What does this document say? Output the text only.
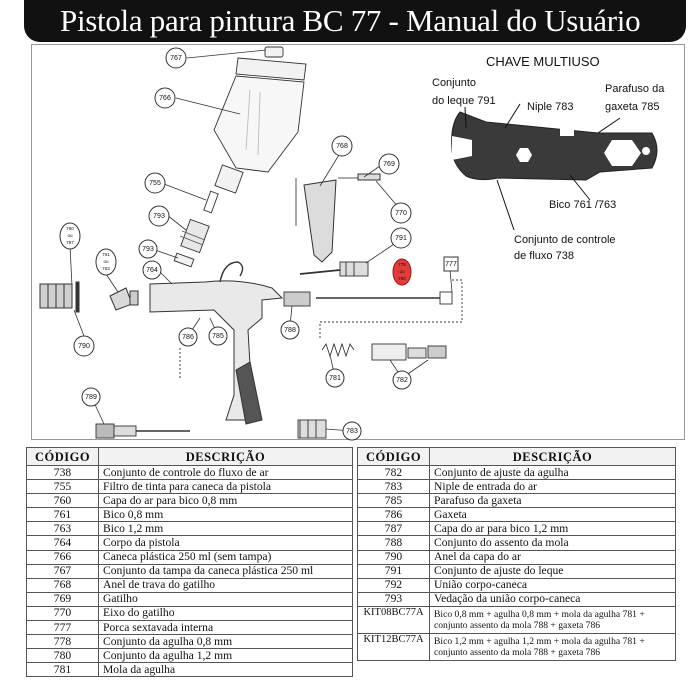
Pistola para pintura BC 77 - Manual do Usuário
CHAVE MULTIUSO
Conjunto
do leque 791	Niple 783
Parafuso da
gaxeta 785
Bico 761 /763
Conjunto de controle
de fluxo 738
767
766
768
769
755
770
793
791
793
764
777
790
786	785
788
781	782
789
783
760
ou
787
761
ou
763
778
ou
780
CÓDIGO	DESCRIÇÃO
738	Conjunto de controle do fluxo de ar
755	Filtro de tinta para caneca da pistola
760	Capa do ar para bico 0,8 mm
761	Bico 0,8 mm
763	Bico 1,2 mm
764	Corpo da pistola
766	Caneca plástica 250 ml (sem tampa)
767	Conjunto da tampa da caneca plástica 250 ml
768	Anel de trava do gatilho
769	Gatilho
770	Eixo do gatilho
777	Porca sextavada interna
778	Conjunto da agulha 0,8 mm
780	Conjunto da agulha 1,2 mm
781	Mola da agulha
CÓDIGO	DESCRIÇÃO
782	Conjunto de ajuste da agulha
783	Niple de entrada do ar
785	Parafuso da gaxeta
786	Gaxeta
787	Capa do ar para bico 1,2 mm
788	Conjunto do assento da mola
790	Anel da capa do ar
791	Conjunto de ajuste do leque
792	União corpo-caneca
793	Vedação da união corpo-caneca
KIT08BC77A	Bico 0,8 mm + agulha 0,8 mm + mola da agulha 781 + conjunto assento da mola 788 + gaxeta 786
KIT12BC77A	Bico 1,2 mm + agulha 1,2 mm + mola da agulha 781 + conjunto assento da mola 788 + gaxeta 786
